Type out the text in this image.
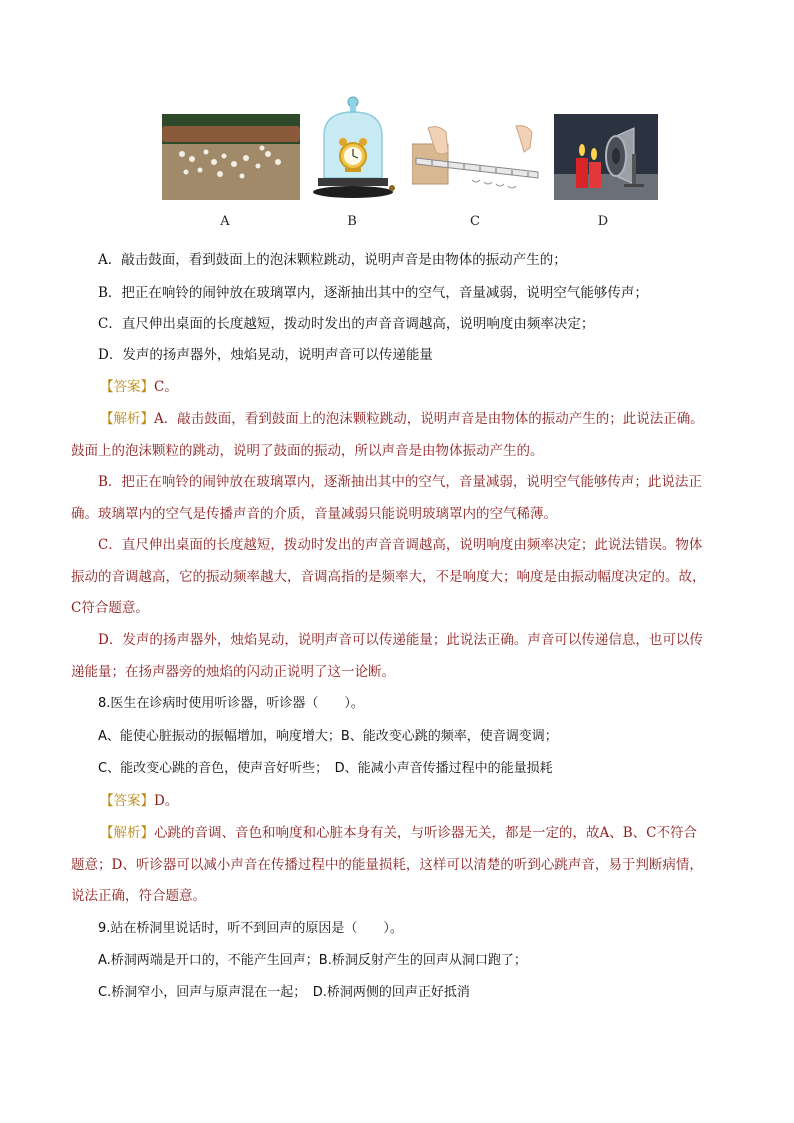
A	B	C	D
A．敲击鼓面，看到鼓面上的泡沫颗粒跳动，说明声音是由物体的振动产生的；
B．把正在响铃的闹钟放在玻璃罩内，逐渐抽出其中的空气，音量减弱，说明空气能够传声；
C．直尺伸出桌面的长度越短，拨动时发出的声音音调越高，说明响度由频率决定；
D．发声的扬声器外，烛焰晃动，说明声音可以传递能量
【答案】C。
【解析】A．敲击鼓面，看到鼓面上的泡沫颗粒跳动，说明声音是由物体的振动产生的；此说法正确。
鼓面上的泡沫颗粒的跳动，说明了鼓面的振动，所以声音是由物体振动产生的。
B．把正在响铃的闹钟放在玻璃罩内，逐渐抽出其中的空气，音量减弱，说明空气能够传声；此说法正
确。玻璃罩内的空气是传播声音的介质，音量减弱只能说明玻璃罩内的空气稀薄。
C．直尺伸出桌面的长度越短，拨动时发出的声音音调越高，说明响度由频率决定；此说法错误。物体
振动的音调越高，它的振动频率越大，音调高指的是频率大，不是响度大；响度是由振动幅度决定的。故，
C符合题意。
D．发声的扬声器外，烛焰晃动，说明声音可以传递能量；此说法正确。声音可以传递信息，也可以传
递能量；在扬声器旁的烛焰的闪动正说明了这一论断。
8.医生在诊病时使用听诊器，听诊器（　　）。
A、能使心脏振动的振幅增加，响度增大；B、能改变心跳的频率，使音调变调；
C、能改变心跳的音色，使声音好听些；　D、能减小声音传播过程中的能量损耗
【答案】D。
【解析】心跳的音调、音色和响度和心脏本身有关，与听诊器无关，都是一定的，故A、B、C不符合
题意；D、听诊器可以减小声音在传播过程中的能量损耗，这样可以清楚的听到心跳声音，易于判断病情，
说法正确，符合题意。
9.站在桥洞里说话时，听不到回声的原因是（　　）。
A.桥洞两端是开口的，不能产生回声；B.桥洞反射产生的回声从洞口跑了；
C.桥洞窄小，回声与原声混在一起；　D.桥洞两侧的回声正好抵消
